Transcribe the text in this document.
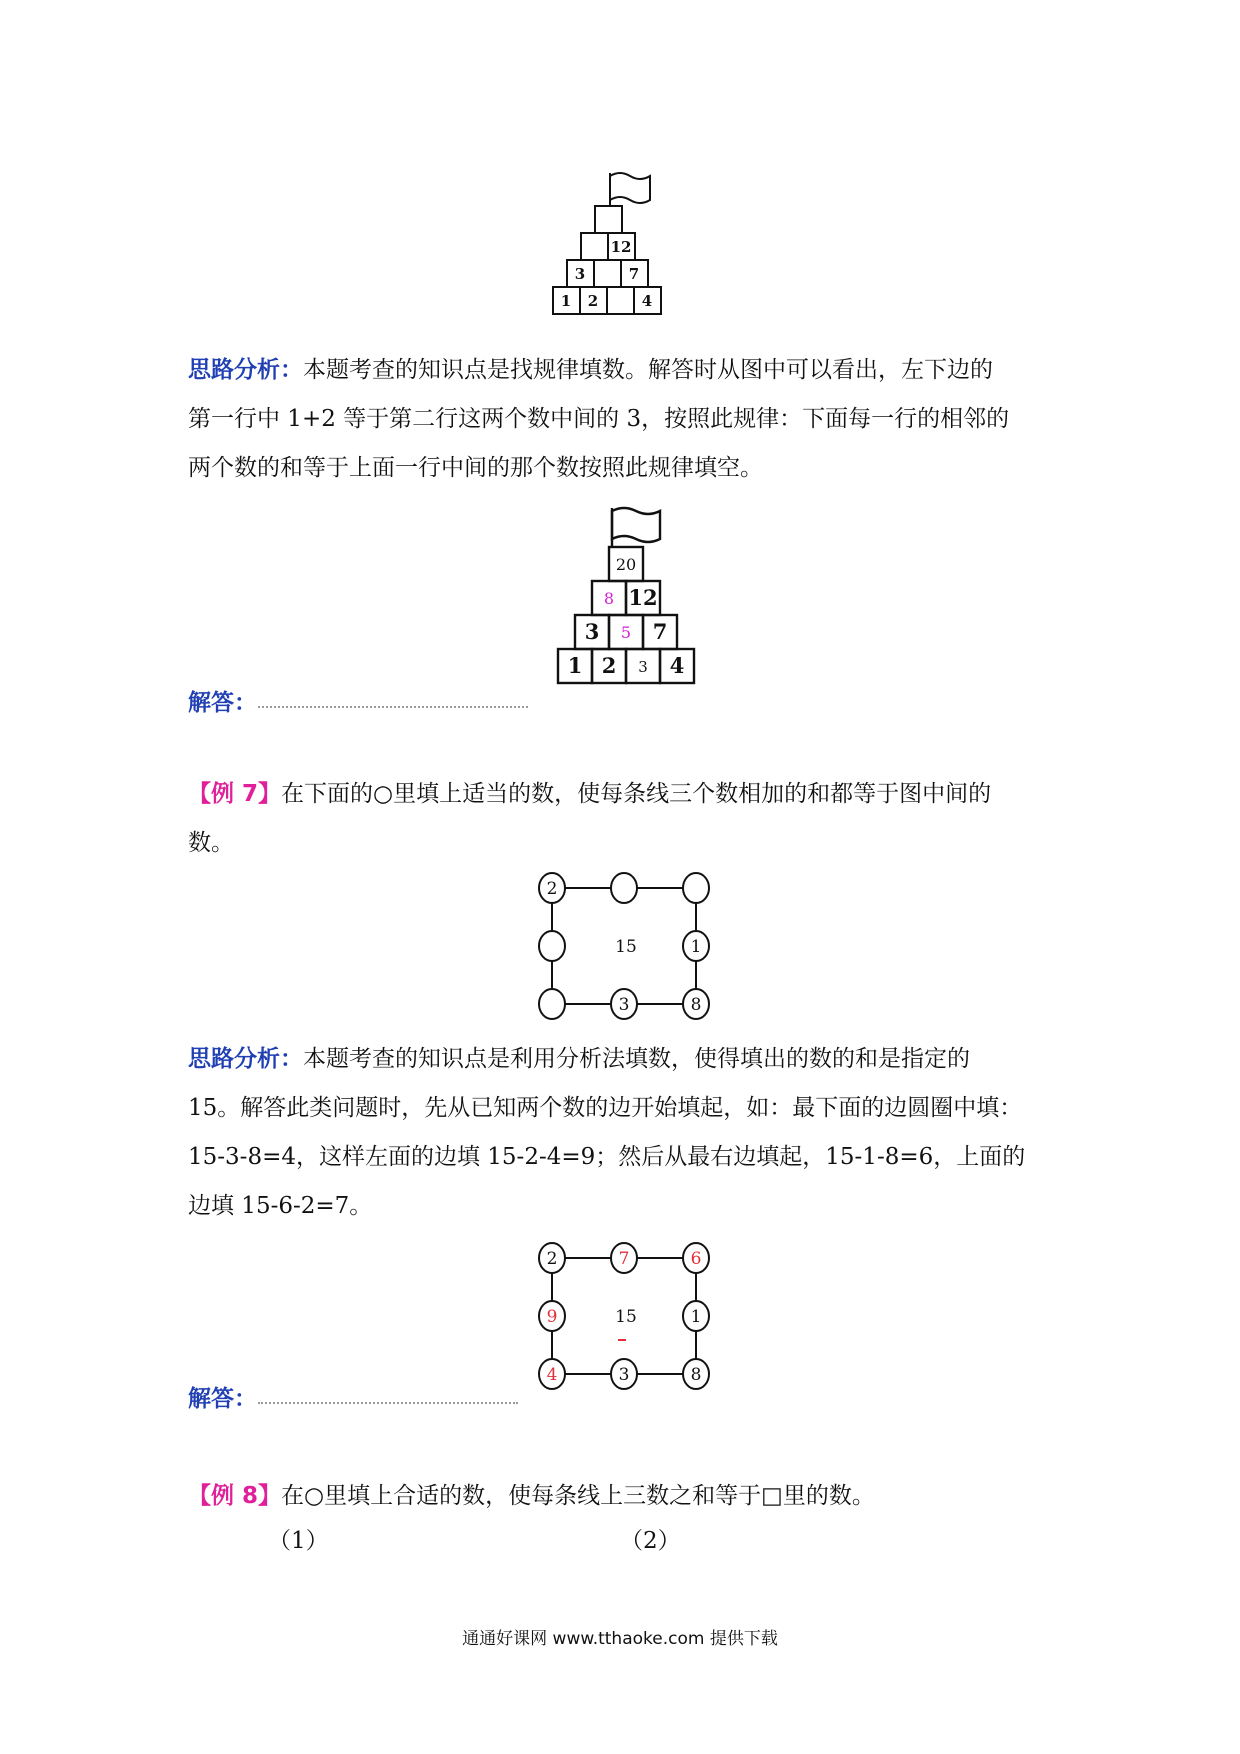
12
3	7
1 2	4
思路分析：本题考查的知识点是找规律填数。解答时从图中可以看出，左下边的
第一行中 1+2 等于第二行这两个数中间的 3，按照此规律：下面每一行的相邻的
两个数的和等于上面一行中间的那个数按照此规律填空。
20
8 12
3 5 7
1 2 3 4
解答：
【例 7】在下面的○里填上适当的数，使每条线三个数相加的和都等于图中间的
数。
2
15	1
3	8
思路分析：本题考查的知识点是利用分析法填数，使得填出的数的和是指定的
15。解答此类问题时，先从已知两个数的边开始填起，如：最下面的边圆圈中填：
15-3-8=4，这样左面的边填 15-2-4=9；然后从最右边填起，15-1-8=6，上面的
边填 15-6-2=7。
2	7	6
9	15	1
4	3	8
解答：
【例 8】在○里填上合适的数，使每条线上三数之和等于□里的数。
（1）	（2）
通通好课网 www.tthaoke.com 提供下载
